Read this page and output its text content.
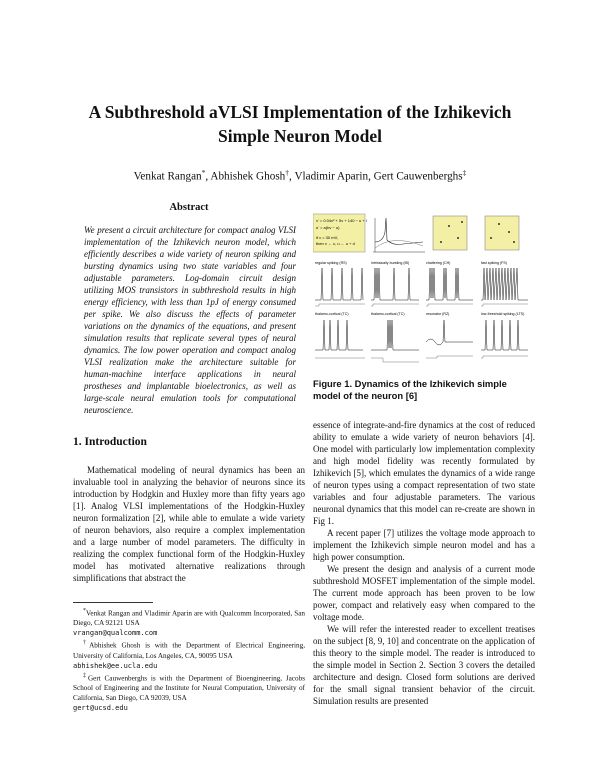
A Subthreshold aVLSI Implementation of the Izhikevich
Simple Neuron Model
Venkat Rangan*, Abhishek Ghosh†, Vladimir Aparin, Gert Cauwenberghs‡
Abstract
We present a circuit architecture for compact analog VLSI implementation of the Izhikevich neuron model, which efficiently describes a wide variety of neuron spiking and bursting dynamics using two state variables and four adjustable parameters. Log-domain circuit design utilizing MOS transistors in subthreshold results in high energy efficiency, with less than 1pJ of energy consumed per spike. We also discuss the effects of parameter variations on the dynamics of the equations, and present simulation results that replicate several types of neural dynamics. The low power operation and compact analog VLSI realization make the architecture suitable for human-machine interface applications in neural prostheses and implantable bioelectronics, as well as large-scale neural emulation tools for computational neuroscience.
1. Introduction

Mathematical modeling of neural dynamics has been an invaluable tool in analyzing the behavior of neurons since its introduction by Hodgkin and Huxley more than fifty years ago [1]. Analog VLSI implementations of the Hodgkin-Huxley neuron formalization [2], while able to emulate a wide variety of neuron behaviors, also require a complex implementation and a large number of model parameters. The difficulty in realizing the complex functional form of the Hodgkin-Huxley model has motivated alternative realizations through simplifications that abstract the

*Venkat Rangan and Vladimir Aparin are with Qualcomm Incorporated, San Diego, CA 92121 USA
vrangan@qualcomm.com

†Abhishek Ghosh is with the Department of Electrical Engineering, University of California, Los Angeles, CA, 90095 USA
abhishek@ee.ucla.edu

‡Gert Cauwenberghs is with the Department of Bioengineering, Jacobs School of Engineering and the Institute for Neural Computation, University of California, San Diego, CA 92039, USA
gert@ucsd.edu

v' = 0.04v² + 5v + 140 − u + I
u' = a(bv − u)
if v = 30 mV,
then v ← c, u ← u + d
regular spiking (RS)	intrinsically bursting (IB)	chattering (CH)	fast spiking (FS)
thalamo-cortical (TC)	thalamo-cortical (TC)	resonator (RZ)	low-threshold spiking (LTS)
Figure 1. Dynamics of the Izhikevich simple model of the neuron [6]

essence of integrate-and-fire dynamics at the cost of reduced ability to emulate a wide variety of neuron behaviors [4]. One model with particularly low implementation complexity and high model fidelity was recently formulated by Izhikevich [5], which emulates the dynamics of a wide range of neuron types using a compact representation of two state variables and four adjustable parameters. The various neuronal dynamics that this model can re-create are shown in Fig 1.

A recent paper [7] utilizes the voltage mode approach to implement the Izhikevich simple neuron model and has a high power consumption.

We present the design and analysis of a current mode subthreshold MOSFET implementation of the simple model. The current mode approach has been proven to be low power, compact and relatively easy when compared to the voltage mode.

We will refer the interested reader to excellent treatises on the subject [8, 9, 10] and concentrate on the application of this theory to the simple model. The reader is introduced to the simple model in Section 2. Section 3 covers the detailed architecture and design. Closed form solutions are derived for the small signal transient behavior of the circuit. Simulation results are presented
